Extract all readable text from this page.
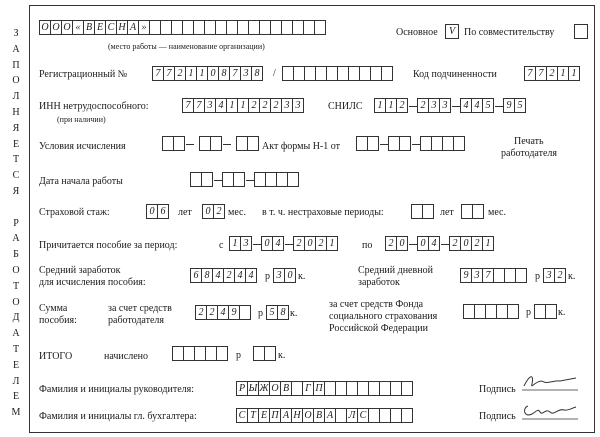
З
А
П
О
Л
Н
Я
Е
Т
С
Я
Р
А
Б
О
Т
О
Д
А
Т
Е
Л
Е
М
О О О « В Е С Н А »
(место работы — наименование организации)
Основное	V По совместительству
Регистрационный №	7 7 2 1 1 0 8 7 3 8	/	Код подчиненности	7 7 2 1 1
ИНН нетрудоспособного:
(при наличии)
7 7 3 4 1 1 2 2 2 3 3	СНИЛС	1 1 2	2 3 3	4 4 5	9 5
Условия исчисления	Акт формы Н-1 от	Печать
работодателя
Дата начала работы
Страховой стаж:	0 6	лет	0 2 мес. в т. ч. нестраховые периоды:	лет	мес.
Причитается пособие за период:	с 1 3	0 4	2 0 2 1	по	2 0	0 4	2 0 2 1
Средний заработок
для исчисления пособия:
6 8 4 2 4 4	р 3 0 к.
Средний дневной
заработок
9 3 7	р 3 2 к.
Сумма
пособия:
за счет средств
работодателя
2 2 4 9	р 5 8 к.
за счет средств Фонда
социального страхования
Российской Федерации
р	к.
ИТОГО	начислено	р	к.
Фамилия и инициалы руководителя:	Р Ы Ж О В	Г П	Подпись
Фамилия и инициалы гл. бухгалтера:	С Т Е П А Н О В А Л С	Подпись
